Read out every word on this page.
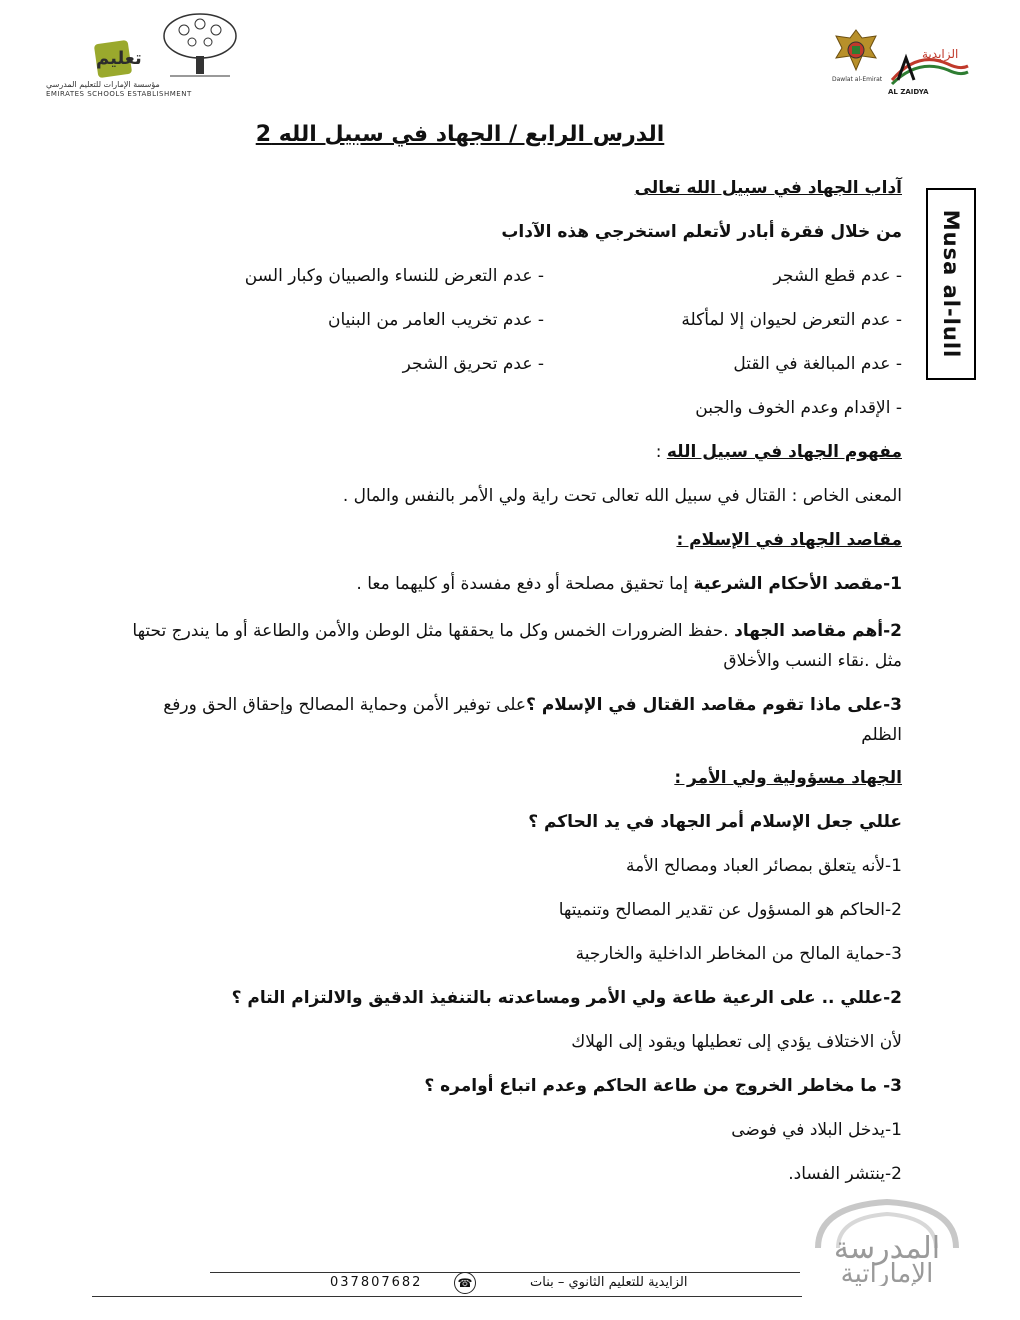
تعليم
مؤسسة الإمارات للتعليم المدرسي
EMIRATES SCHOOLS ESTABLISHMENT
Dawlat al-Emirat
الزايدية
AL ZAIDYA
Musa al-lull
الدرس الرابع / الجهاد في سبيل الله 2
آداب الجهاد في سبيل الله تعالى
من خلال فقرة أبادر لأتعلم استخرجي هذه الآداب
- عدم قطع الشجر
- عدم التعرض للنساء والصبيان وكبار السن
- عدم التعرض لحيوان إلا لمأكلة
- عدم تخريب العامر من البنيان
- عدم المبالغة في القتل
- عدم تحريق الشجر
- الإقدام وعدم الخوف والجبن
مفهوم الجهاد في سبيل الله :
المعنى الخاص : القتال في سبيل الله تعالى تحت راية ولي الأمر بالنفس والمال .
مقاصد الجهاد في الإسلام :
1-مقصد الأحكام الشرعية إما تحقيق مصلحة أو دفع مفسدة أو كليهما معا .
2-أهم مقاصد الجهاد .حفظ الضرورات الخمس وكل ما يحققها مثل الوطن والأمن والطاعة أو ما يندرج تحتها مثل .نقاء النسب والأخلاق
3-على ماذا تقوم مقاصد القتال في الإسلام ؟على توفير الأمن وحماية المصالح وإحقاق الحق ورفع الظلم
الجهاد مسؤولية ولي الأمر :
عللي جعل الإسلام أمر الجهاد في يد الحاكم ؟
1-لأنه يتعلق بمصائر العباد ومصالح الأمة
2-الحاكم هو المسؤول عن تقدير المصالح وتنميتها
3-حماية المالح من المخاطر الداخلية والخارجية
2-عللي .. على الرعية طاعة ولي الأمر ومساعدته بالتنفيذ الدقيق والالتزام التام ؟
لأن الاختلاف يؤدي إلى تعطيلها ويقود إلى الهلاك
3- ما مخاطر الخروج من طاعة الحاكم وعدم اتباع أوامره ؟
1-يدخل البلاد في فوضى
2-ينتشر الفساد.
المدرسة
الإماراتية
037807682	☎	الزايدية للتعليم الثانوي – بنات
